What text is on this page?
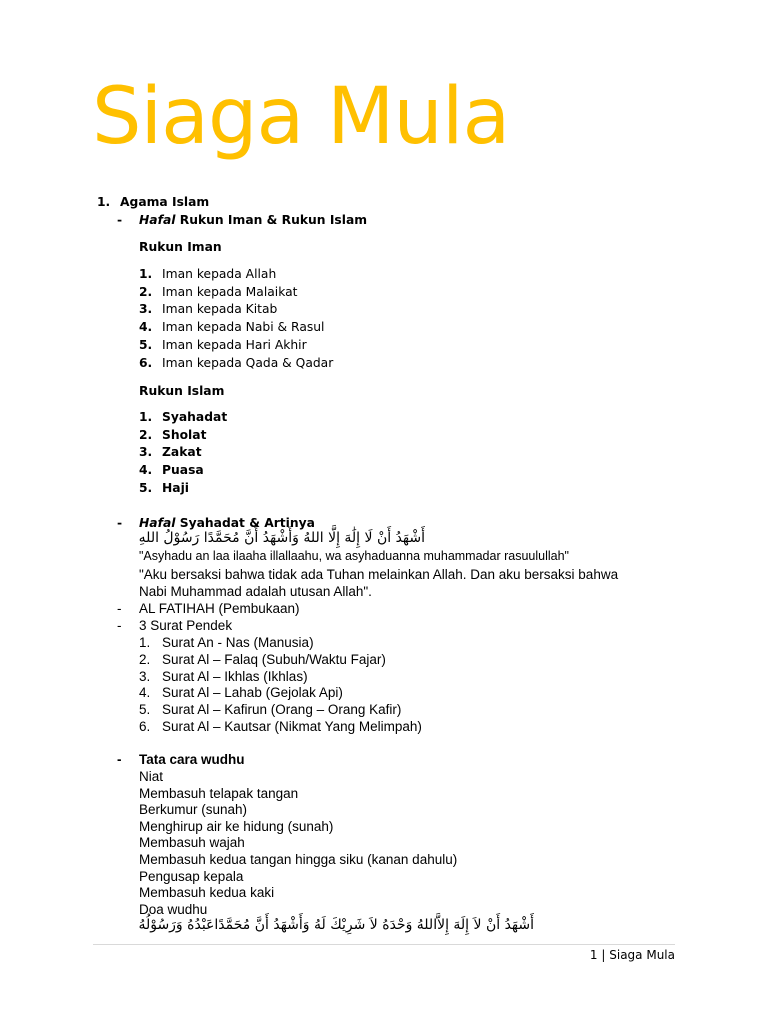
Siaga Mula
1. Agama Islam
- Hafal Rukun Iman & Rukun Islam
Rukun Iman
1. Iman kepada Allah
2. Iman kepada Malaikat
3. Iman kepada Kitab
4. Iman kepada Nabi & Rasul
5. Iman kepada Hari Akhir
6. Iman kepada Qada & Qadar
Rukun Islam
1. Syahadat
2. Sholat
3. Zakat
4. Puasa
5. Haji
- Hafal Syahadat & Artinya
أَشْهَدُ أَنْ لَا إِلَٰهَ إِلَّا اللهُ وَأَشْهَدُ أَنَّ مُحَمَّدًا رَسُوْلُ اللهِ
"Asyhadu an laa ilaaha illallaahu, wa asyhaduanna muhammadar rasuulullah"
"Aku bersaksi bahwa tidak ada Tuhan melainkan Allah. Dan aku bersaksi bahwa
Nabi Muhammad adalah utusan Allah".
- AL FATIHAH (Pembukaan)
- 3 Surat Pendek
1. Surat An - Nas (Manusia)
2. Surat Al – Falaq (Subuh/Waktu Fajar)
3. Surat Al – Ikhlas (Ikhlas)
4. Surat Al – Lahab (Gejolak Api)
5. Surat Al – Kafirun (Orang – Orang Kafir)
6. Surat Al – Kautsar (Nikmat Yang Melimpah)
- Tata cara wudhu
Niat
Membasuh telapak tangan
Berkumur (sunah)
Menghirup air ke hidung (sunah)
Membasuh wajah
Membasuh kedua tangan hingga siku (kanan dahulu)
Pengusap kepala
Membasuh kedua kaki
Doa wudhu
أَشْهَدُ أَنْ لاَ إِلَهَ إِلاَّاللهُ وَحْدَهُ لاَ شَرِيْكَ لَهُ وَأَشْهَدُ أَنَّ مُحَمَّدًاعَبْدُهُ وَرَسُوْلُهُ
1 | Siaga Mula
